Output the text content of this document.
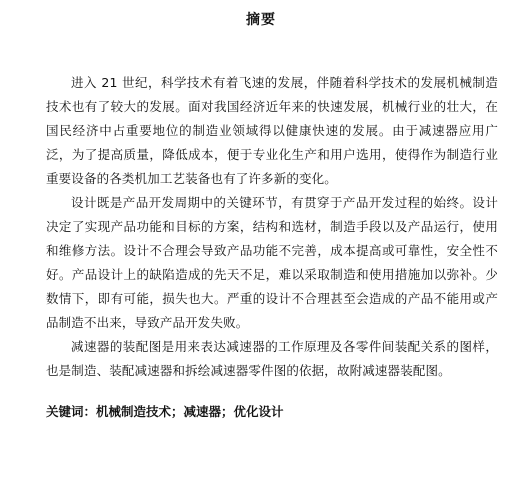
摘要

进入 21 世纪，科学技术有着飞速的发展，伴随着科学技术的发展机械制造技术也有了较大的发展。面对我国经济近年来的快速发展，机械行业的壮大，在国民经济中占重要地位的制造业领域得以健康快速的发展。由于减速器应用广泛，为了提高质量，降低成本，便于专业化生产和用户选用，使得作为制造行业重要设备的各类机加工艺装备也有了许多新的变化。

设计既是产品开发周期中的关键环节，有贯穿于产品开发过程的始终。设计决定了实现产品功能和目标的方案，结构和选材，制造手段以及产品运行，使用和维修方法。设计不合理会导致产品功能不完善，成本提高或可靠性，安全性不好。产品设计上的缺陷造成的先天不足，难以采取制造和使用措施加以弥补。少数情下，即有可能，损失也大。严重的设计不合理甚至会造成的产品不能用或产品制造不出来，导致产品开发失败。

减速器的装配图是用来表达减速器的工作原理及各零件间装配关系的图样，也是制造、装配减速器和拆绘减速器零件图的依据，故附减速器装配图。

关键词：机械制造技术；减速器；优化设计
